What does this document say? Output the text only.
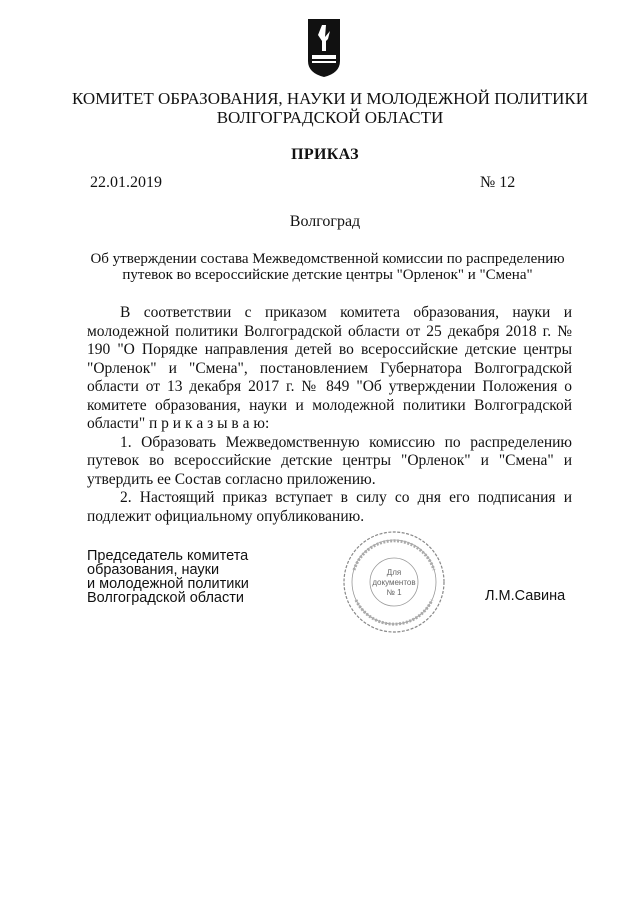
КОМИТЕТ ОБРАЗОВАНИЯ, НАУКИ И МОЛОДЕЖНОЙ ПОЛИТИКИ
ВОЛГОГРАДСКОЙ ОБЛАСТИ
ПРИКАЗ
22.01.2019	№ 12
Волгоград
Об утверждении состава Межведомственной комиссии по распределению
путевок во всероссийские детские центры "Орленок" и "Смена"

В соответствии с приказом комитета образования, науки и молодежной политики Волгоградской области от 25 декабря 2018 г. № 190 "О Порядке направления детей во всероссийские детские центры "Орленок" и "Смена", постановлением Губернатора Волгоградской области от 13 декабря 2017 г. № 849 "Об утверждении Положения о комитете образования, науки и молодежной политики Волгоградской области" п р и к а з ы в а ю:

1. Образовать Межведомственную комиссию по распределению путевок во всероссийские детские центры "Орленок" и "Смена" и утвердить ее Состав согласно приложению.

2. Настоящий приказ вступает в силу со дня его подписания и подлежит официальному опубликованию.

Председатель комитета
образования, науки
и молодежной политики
Волгоградской области
Для
документов
№ 1	Л.М.Савина
